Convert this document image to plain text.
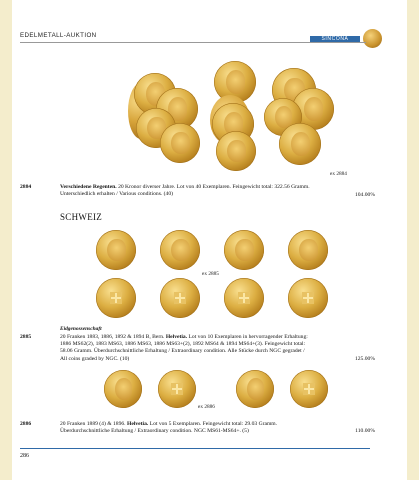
EDELMETALL-AUKTION	SINCONA
ex 2884
2884	Verschiedene Regenten. 20 Kronor diverser Jahre. Lot von 40 Exemplaren. Feingewicht total: 322.56 Gramm.
Unterschiedlich erhalten / Various conditions. (40)	104.00%
SCHWEIZ
ex 2885
Eidgenossenschaft
2885	20 Franken 1883, 1886, 1892 & 1894 B, Bern. Helvetia. Lot von 10 Exemplaren in hervorragender Erhaltung:
1886 MS62(2), 1883 MS63, 1886 MS63, 1886 MS63+(2), 1892 MS64 & 1894 MS64+(3). Feingewicht total:
58.06 Gramm. Überdurchschnittliche Erhaltung / Extraordinary condition. Alle Stücke durch NGC gegradet /
All coins graded by NGC. (10)	125.00%
ex 2886
2886	20 Franken 1889 (4) & 1896. Helvetia. Lot von 5 Exemplaren. Feingewicht total: 29.03 Gramm.
Überdurchschnittliche Erhaltung / Extraordinary condition. NGC MS61-MS64+. (5)	110.00%
286
